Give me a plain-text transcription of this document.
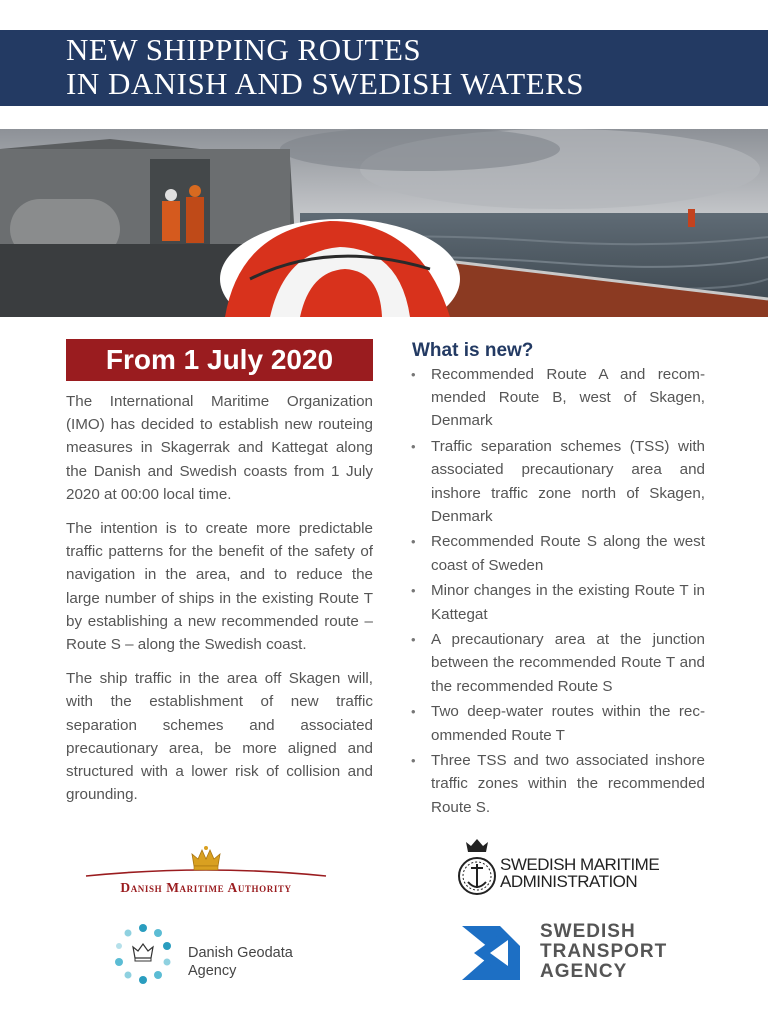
NEW SHIPPING ROUTES
IN DANISH AND SWEDISH WATERS
From 1 July 2020

The International Maritime Organization (IMO) has decided to establish new routeing measures in Skagerrak and Kattegat along the Danish and Swedish coasts from 1 July 2020 at 00:00 local time.

The intention is to create more predictable traffic patterns for the benefit of the safety of navigation in the area, and to reduce the large number of ships in the existing Route T by establishing a new recommended route – Route S – along the Swedish coast.

The ship traffic in the area off Skagen will, with the establishment of new traffic separation schemes and associated precautionary area, be more aligned and structured with a lower risk of collision and grounding.

What is new?
• Recommended Route A and recommended Route B, west of Skagen, Denmark
• Traffic separation schemes (TSS) with associated precautionary area and inshore traffic zone north of Skagen, Denmark
• Recommended Route S along the west coast of Sweden
• Minor changes in the existing Route T in Kattegat
• A precautionary area at the junction between the recommended Route T and the recommended Route S
• Two deep-water routes within the recommended Route T
• Three TSS and two associated inshore traffic zones within the recommended Route S.
Danish Maritime Authority
Danish Geodata
Agency
SWEDISH MARITIME
ADMINISTRATION
SWEDISH
TRANSPORT
AGENCY
